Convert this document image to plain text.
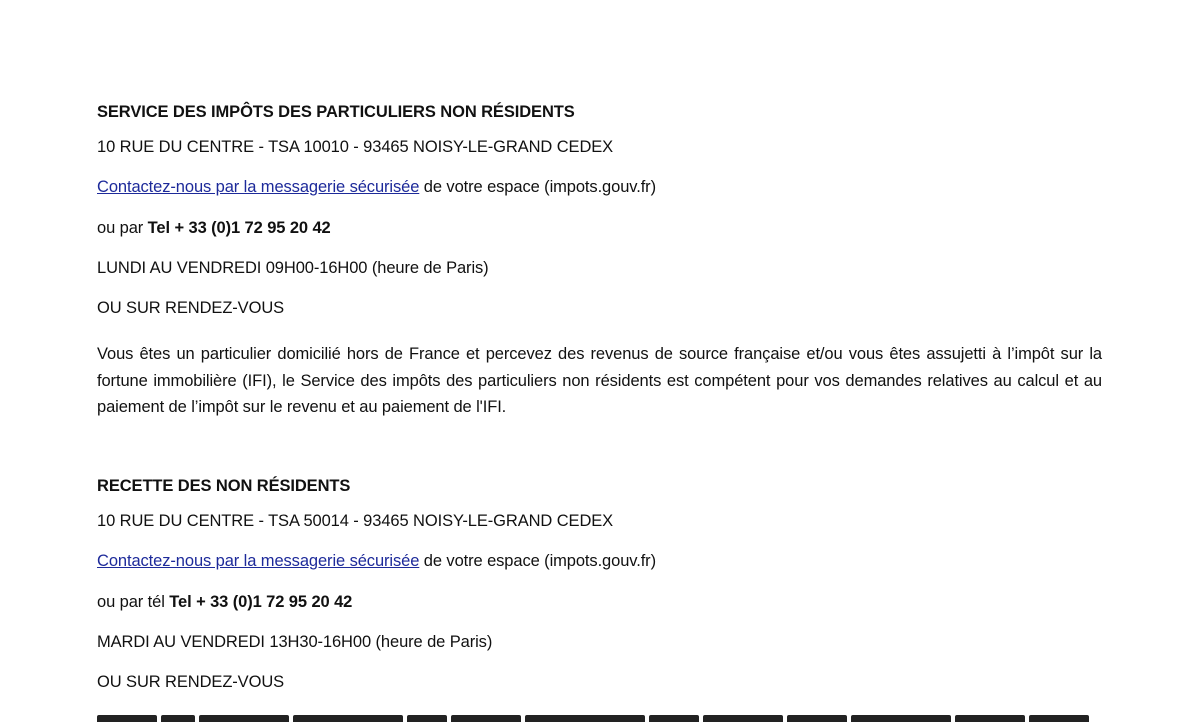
SERVICE DES IMPÔTS DES PARTICULIERS NON RÉSIDENTS
10 RUE DU CENTRE - TSA 10010 - 93465 NOISY-LE-GRAND CEDEX
Contactez-nous par la messagerie sécurisée de votre espace (impots.gouv.fr)
ou par Tel + 33 (0)1 72 95 20 42
LUNDI AU VENDREDI 09H00-16H00 (heure de Paris)
OU SUR RENDEZ-VOUS
Vous êtes un particulier domicilié hors de France et percevez des revenus de source française et/ou vous êtes assujetti à l’impôt sur la fortune immobilière (IFI), le Service des impôts des particuliers non résidents est compétent pour vos demandes relatives au calcul et au paiement de l’impôt sur le revenu et au paiement de l'IFI.
RECETTE DES NON RÉSIDENTS
10 RUE DU CENTRE - TSA 50014 - 93465 NOISY-LE-GRAND CEDEX
Contactez-nous par la messagerie sécurisée de votre espace (impots.gouv.fr)
ou par tél Tel + 33 (0)1 72 95 20 42
MARDI AU VENDREDI 13H30-16H00 (heure de Paris)
OU SUR RENDEZ-VOUS
